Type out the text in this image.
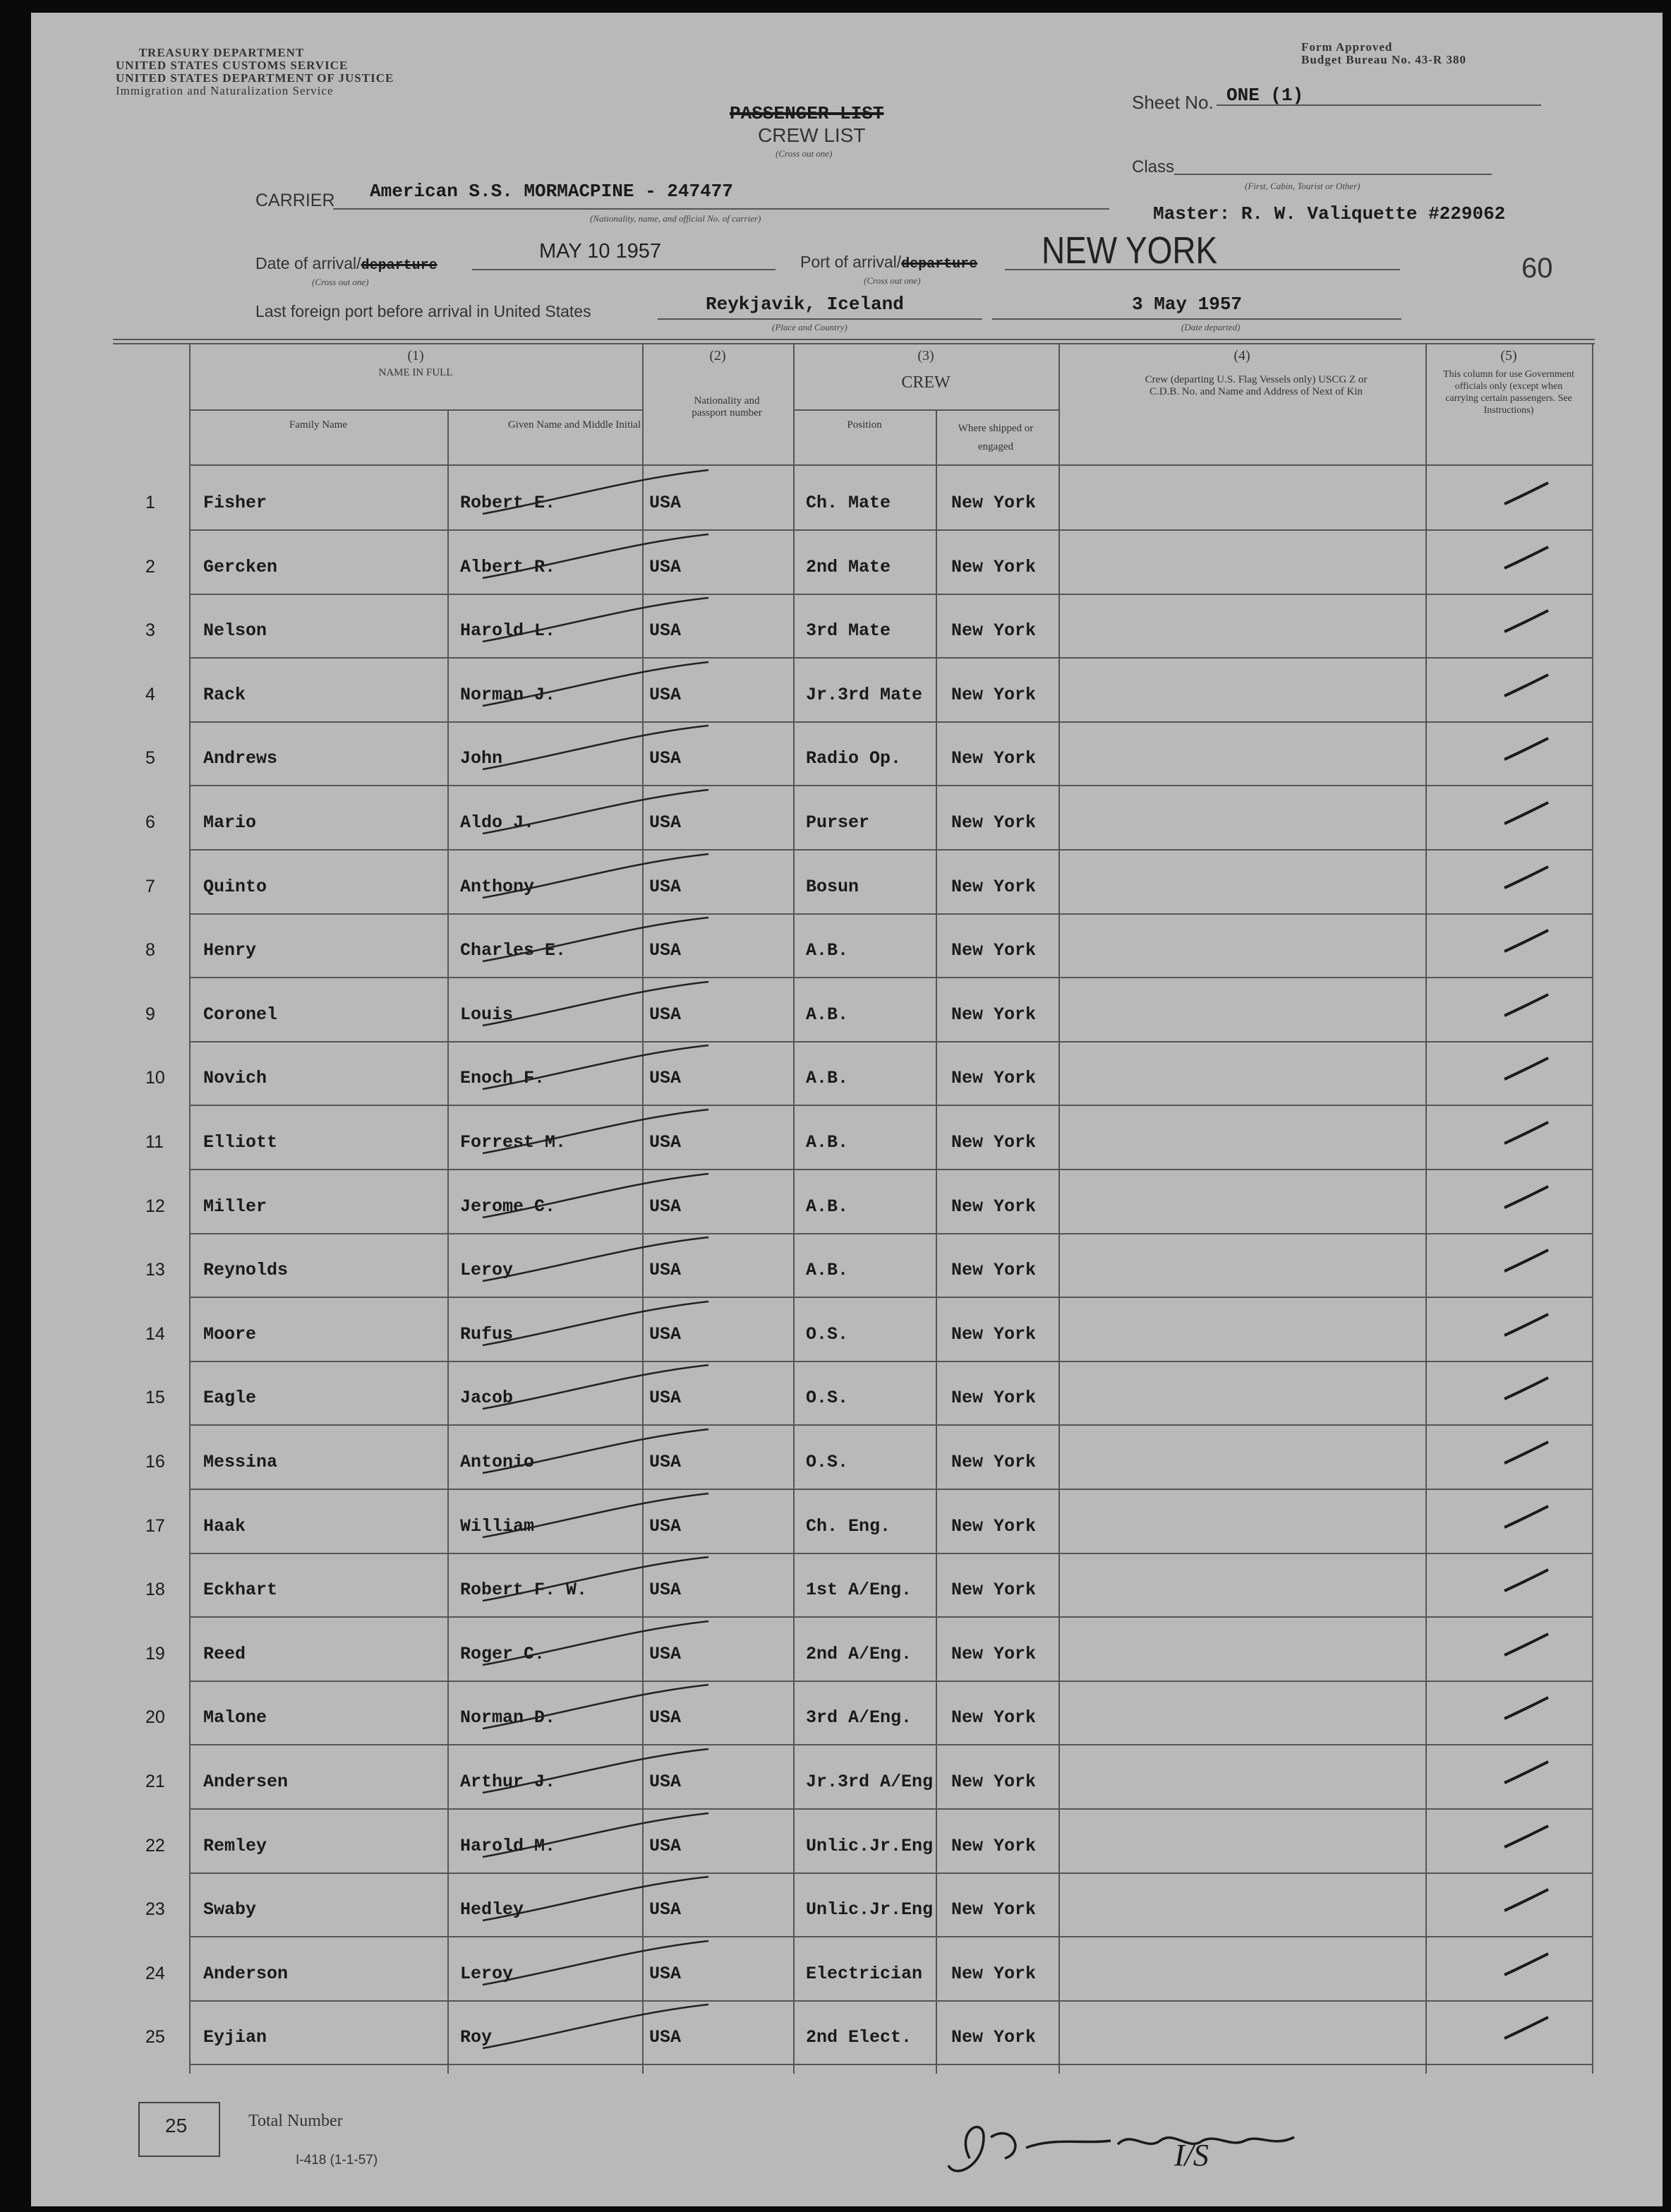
TREASURY DEPARTMENT
UNITED STATES CUSTOMS SERVICE
UNITED STATES DEPARTMENT OF JUSTICE
Immigration and Naturalization Service
Form Approved
Budget Bureau No. 43-R 380
PASSENGER LIST
CREW LIST
(Cross out one)
Sheet No. ONE (1)
Class
(First, Cabin, Tourist or Other)
CARRIER American S.S. MORMACPINE - 247477
(Nationality, name, and official No. of carrier)	Master: R. W. Valiquette #229062
Date of arrival/departure
(Cross out one)
MAY 10 1957	Port of arrival/departure
(Cross out one)
NEW YORK	60
Last foreign port before arrival in United States	Reykjavik, Iceland
(Place and Country)
3 May 1957
(Date departed)
(1)
NAME IN FULL
Family Name	Given Name and Middle Initial
(2)
Nationality and passport number
(3)
CREW
Position	Where shipped or engaged
(4)
Crew (departing U.S. Flag Vessels only) USCG Z or C.D.B. No. and Name and Address of Next of Kin
(5)
This column for use Government officials only (except when carrying certain passengers. See Instructions)
1	Fisher	Robert E.	USA	Ch. Mate	New York
2	Gercken	Albert R.	USA	2nd Mate	New York
3	Nelson	Harold L.	USA	3rd Mate	New York
4	Rack	Norman J.	USA	Jr.3rd Mate New York
5	Andrews	John	USA	Radio Op.	New York
6	Mario	Aldo J.	USA	Purser	New York
7	Quinto	Anthony	USA	Bosun	New York
8	Henry	Charles E.	USA	A.B.	New York
9	Coronel	Louis	USA	A.B.	New York
10 Novich	Enoch F.	USA	A.B.	New York
11 Elliott	Forrest M.	USA	A.B.	New York
12 Miller	Jerome C.	USA	A.B.	New York
13 Reynolds	Leroy	USA	A.B.	New York
14 Moore	Rufus	USA	O.S.	New York
15 Eagle	Jacob	USA	O.S.	New York
16 Messina	Antonio	USA	O.S.	New York
17 Haak	William	USA	Ch. Eng.	New York
18 Eckhart	Robert F. W.	USA	1st A/Eng. New York
19 Reed	Roger C.	USA	2nd A/Eng. New York
20 Malone	Norman D.	USA	3rd A/Eng. New York
21 Andersen	Arthur J.	USA	Jr.3rd A/Eng New York
22 Remley	Harold M.	USA	Unlic.Jr.Eng New York
23 Swaby	Hedley	USA	Unlic.Jr.Eng New York
24 Anderson	Leroy	USA	Electrician New York
25 Eyjian	Roy	USA	2nd Elect. New York
25	Total Number
I-418 (1-1-57)	I/S
